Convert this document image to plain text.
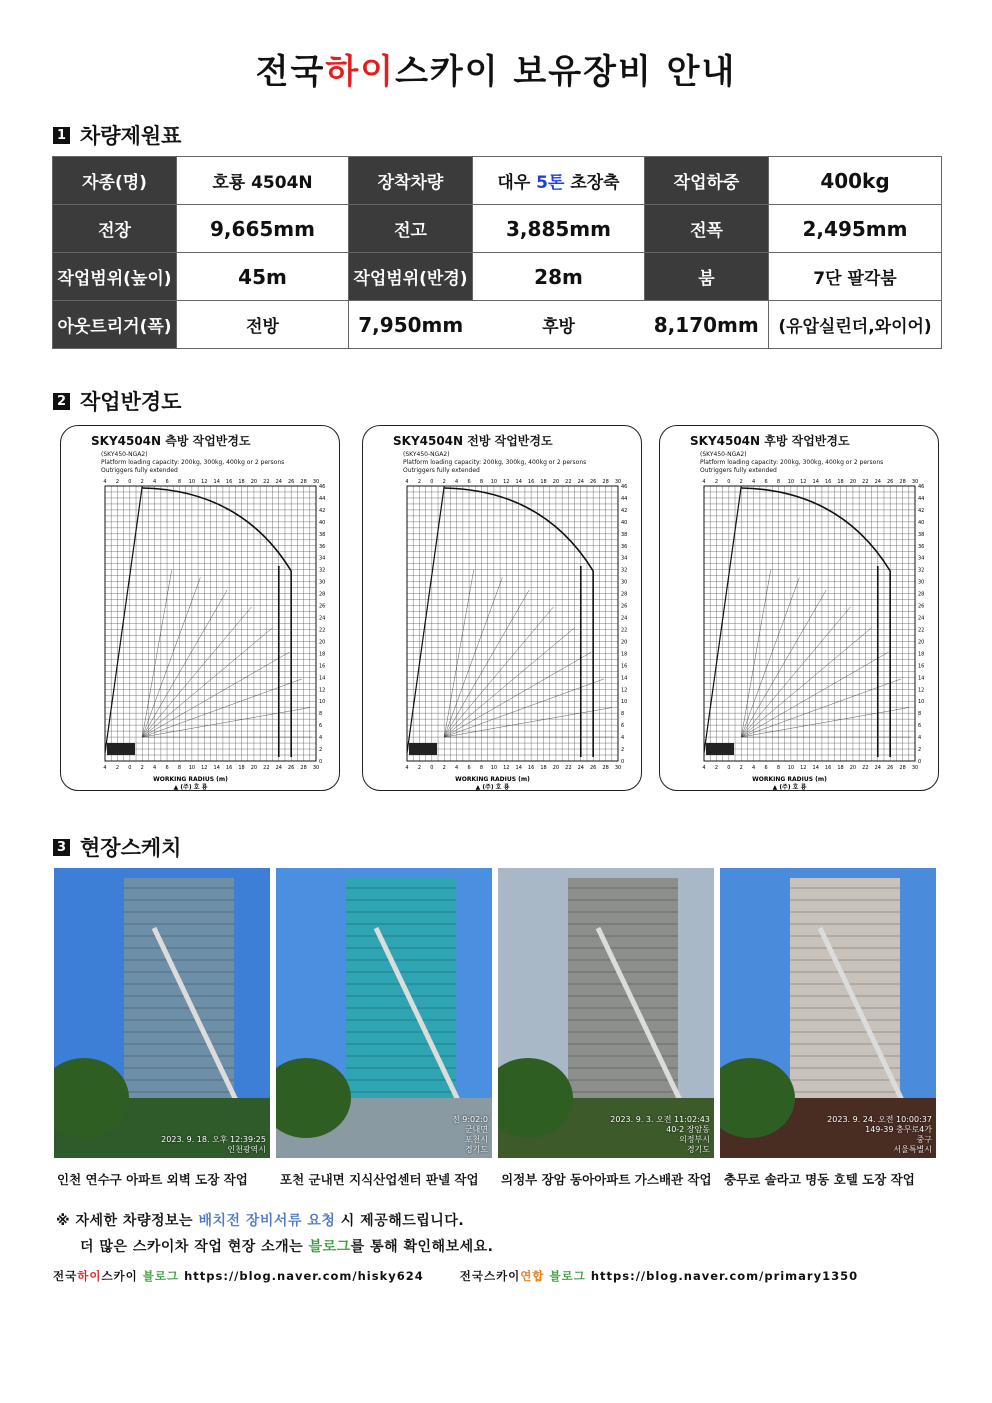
전국하이스카이 보유장비 안내
1 차량제원표
자종(명)	호룡 4504N	장착차량	대우 5톤 초장축	작업하중	400kg
전장	9,665mm	전고	3,885mm	전폭	2,495mm
작업범위(높이)	45m	작업범위(반경)	28m	붐	7단 팔각붐
아웃트리거(폭)	전방	7,950mm	후방	8,170mm	(유압실린더,와이어)
2 작업반경도
SKY4504N 측방 작업반경도
(SKY450-NGA2)
Platform loading capacity: 200kg, 300kg, 400kg or 2 persons
Outriggers fully extended
4
4
2
2
0
0
2
2
4
4
6
6
8
8
10
10
12
12
14
14
16
16
18
18
20
20
22
22
24
24
26
26
28
28
30
30
46
44
42
40
38
36
34
32
30
28
26
24
22
20
18
16
14
12
10
8
6
4
2
0
WORKING RADIUS (m)
▲ (주) 호 룡
SKY4504N 전방 작업반경도
(SKY450-NGA2)
Platform loading capacity: 200kg, 300kg, 400kg or 2 persons
Outriggers fully extended
4
4
2
2
0
0
2
2
4
4
6
6
8
8
10
10
12
12
14
14
16
16
18
18
20
20
22
22
24
24
26
26
28
28
30
30
46
44
42
40
38
36
34
32
30
28
26
24
22
20
18
16
14
12
10
8
6
4
2
0
WORKING RADIUS (m)
▲ (주) 호 룡
SKY4504N 후방 작업반경도
(SKY450-NGA2)
Platform loading capacity: 200kg, 300kg, 400kg or 2 persons
Outriggers fully extended
4
4
2
2
0
0
2
2
4
4
6
6
8
8
10
10
12
12
14
14
16
16
18
18
20
20
22
22
24
24
26
26
28
28
30
30
46
44
42
40
38
36
34
32
30
28
26
24
22
20
18
16
14
12
10
8
6
4
2
0
WORKING RADIUS (m)
▲ (주) 호 룡
3 현장스케치
2023. 9. 18. 오후 12:39:25
인천광역시
전 9:02:0
군내면
포천시
경기도
2023. 9. 3. 오전 11:02:43
40-2 장암동
의정부시
경기도
2023. 9. 24. 오전 10:00:37
149-39 충무로4가
중구
서울특별시
인천 연수구 아파트 외벽 도장 작업	포천 군내면 지식산업센터 판넬 작업 의정부 장암 동아아파트 가스배관 작업 충무로 솔라고 명동 호텔 도장 작업
※ 자세한 차량정보는 배치전 장비서류 요청 시 제공해드립니다.
더 많은 스카이차 작업 현장 소개는 블로그를 통해 확인해보세요.
전국하이스카이 블로그 https://blog.naver.com/hisky624	전국스카이연합 블로그 https://blog.naver.com/primary1350
